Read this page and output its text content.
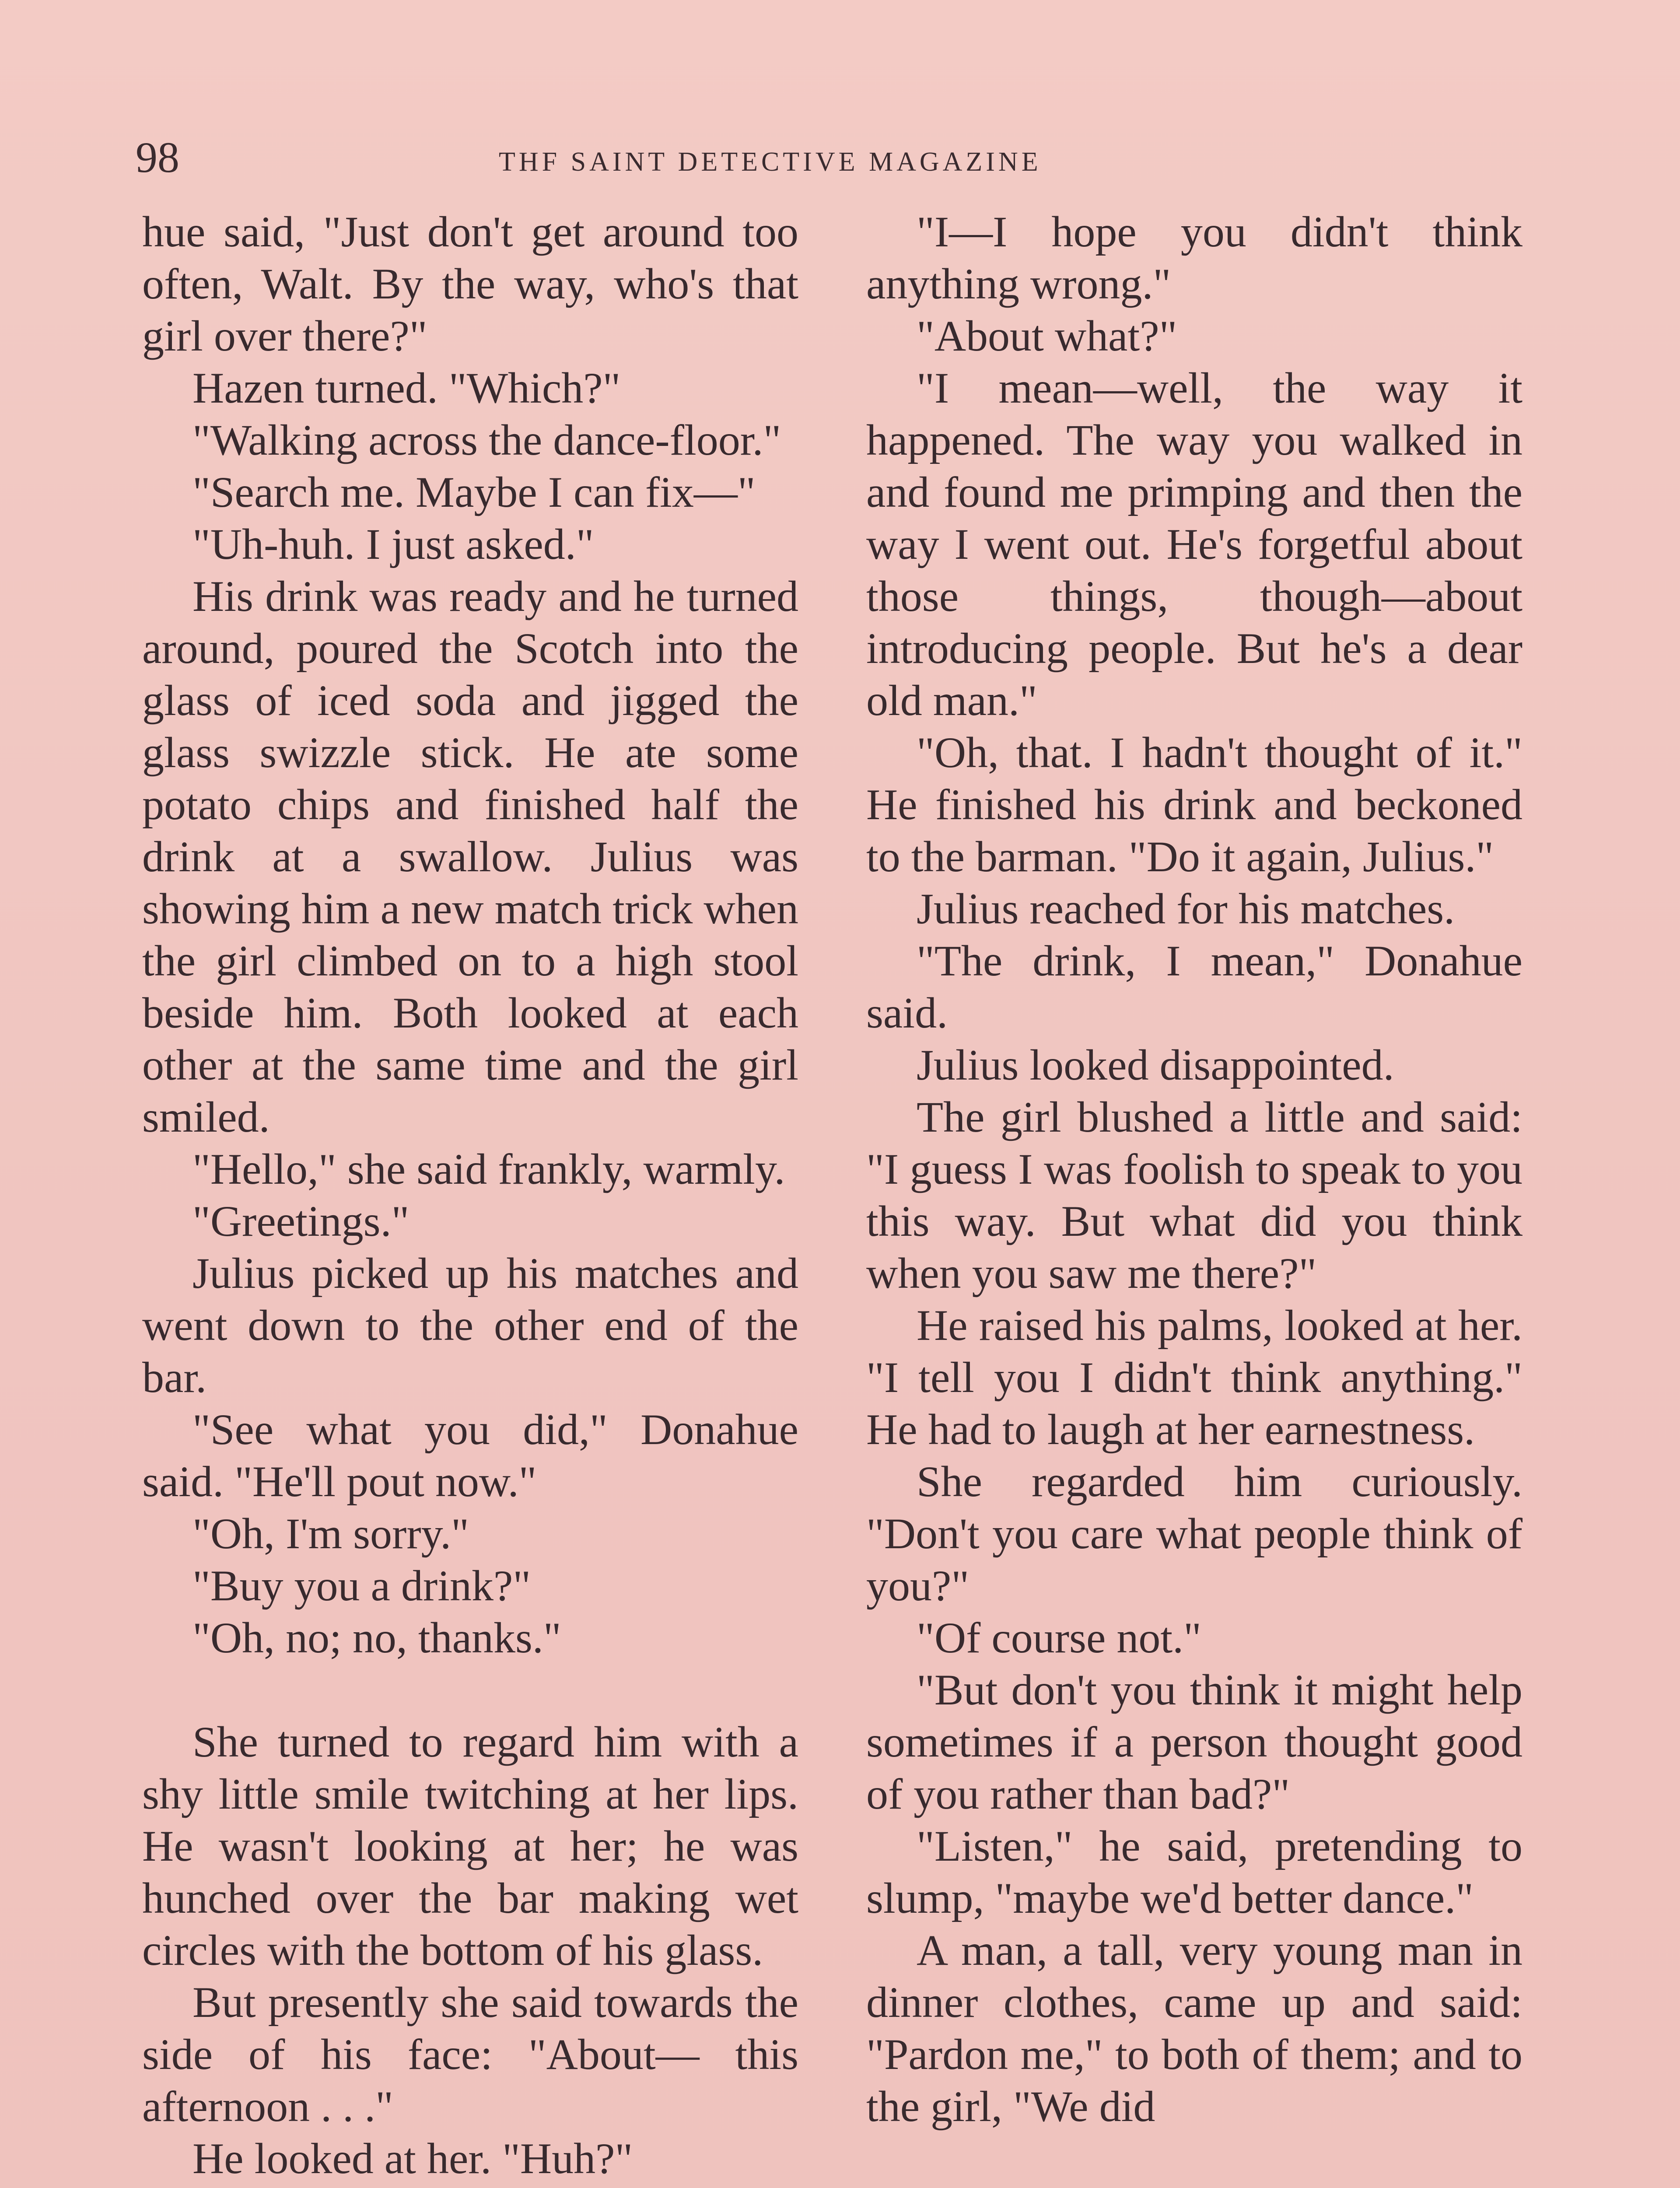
98	THF SAINT DETECTIVE MAGAZINE

hue said, "Just don't get around too often, Walt. By the way, who's that girl over there?"

Hazen turned. "Which?"

"Walking across the dance-floor."

"Search me. Maybe I can fix—"

"Uh-huh. I just asked."

His drink was ready and he turned around, poured the Scotch into the glass of iced soda and jigged the glass swizzle stick. He ate some potato chips and finished half the drink at a swallow. Julius was showing him a new match trick when the girl climbed on to a high stool beside him. Both looked at each other at the same time and the girl smiled.

"Hello," she said frankly, warmly.

"Greetings."

Julius picked up his matches and went down to the other end of the bar.

"See what you did," Donahue said. "He'll pout now."

"Oh, I'm sorry."

"Buy you a drink?"

"Oh, no; no, thanks."

She turned to regard him with a shy little smile twitching at her lips. He wasn't looking at her; he was hunched over the bar making wet circles with the bottom of his glass.

But presently she said towards the side of his face: "About— this afternoon . . ."

He looked at her. "Huh?"

"I—I hope you didn't think anything wrong."

"About what?"

"I mean—well, the way it happened. The way you walked in and found me primping and then the way I went out. He's forgetful about those things, though—about introducing people. But he's a dear old man."

"Oh, that. I hadn't thought of it." He finished his drink and beckoned to the barman. "Do it again, Julius."

Julius reached for his matches.

"The drink, I mean," Donahue said.

Julius looked disappointed.

The girl blushed a little and said: "I guess I was foolish to speak to you this way. But what did you think when you saw me there?"

He raised his palms, looked at her. "I tell you I didn't think anything." He had to laugh at her earnestness.

She regarded him curiously. "Don't you care what people think of you?"

"Of course not."

"But don't you think it might help sometimes if a person thought good of you rather than bad?"

"Listen," he said, pretending to slump, "maybe we'd better dance."

A man, a tall, very young man in dinner clothes, came up and said: "Pardon me," to both of them; and to the girl, "We did
